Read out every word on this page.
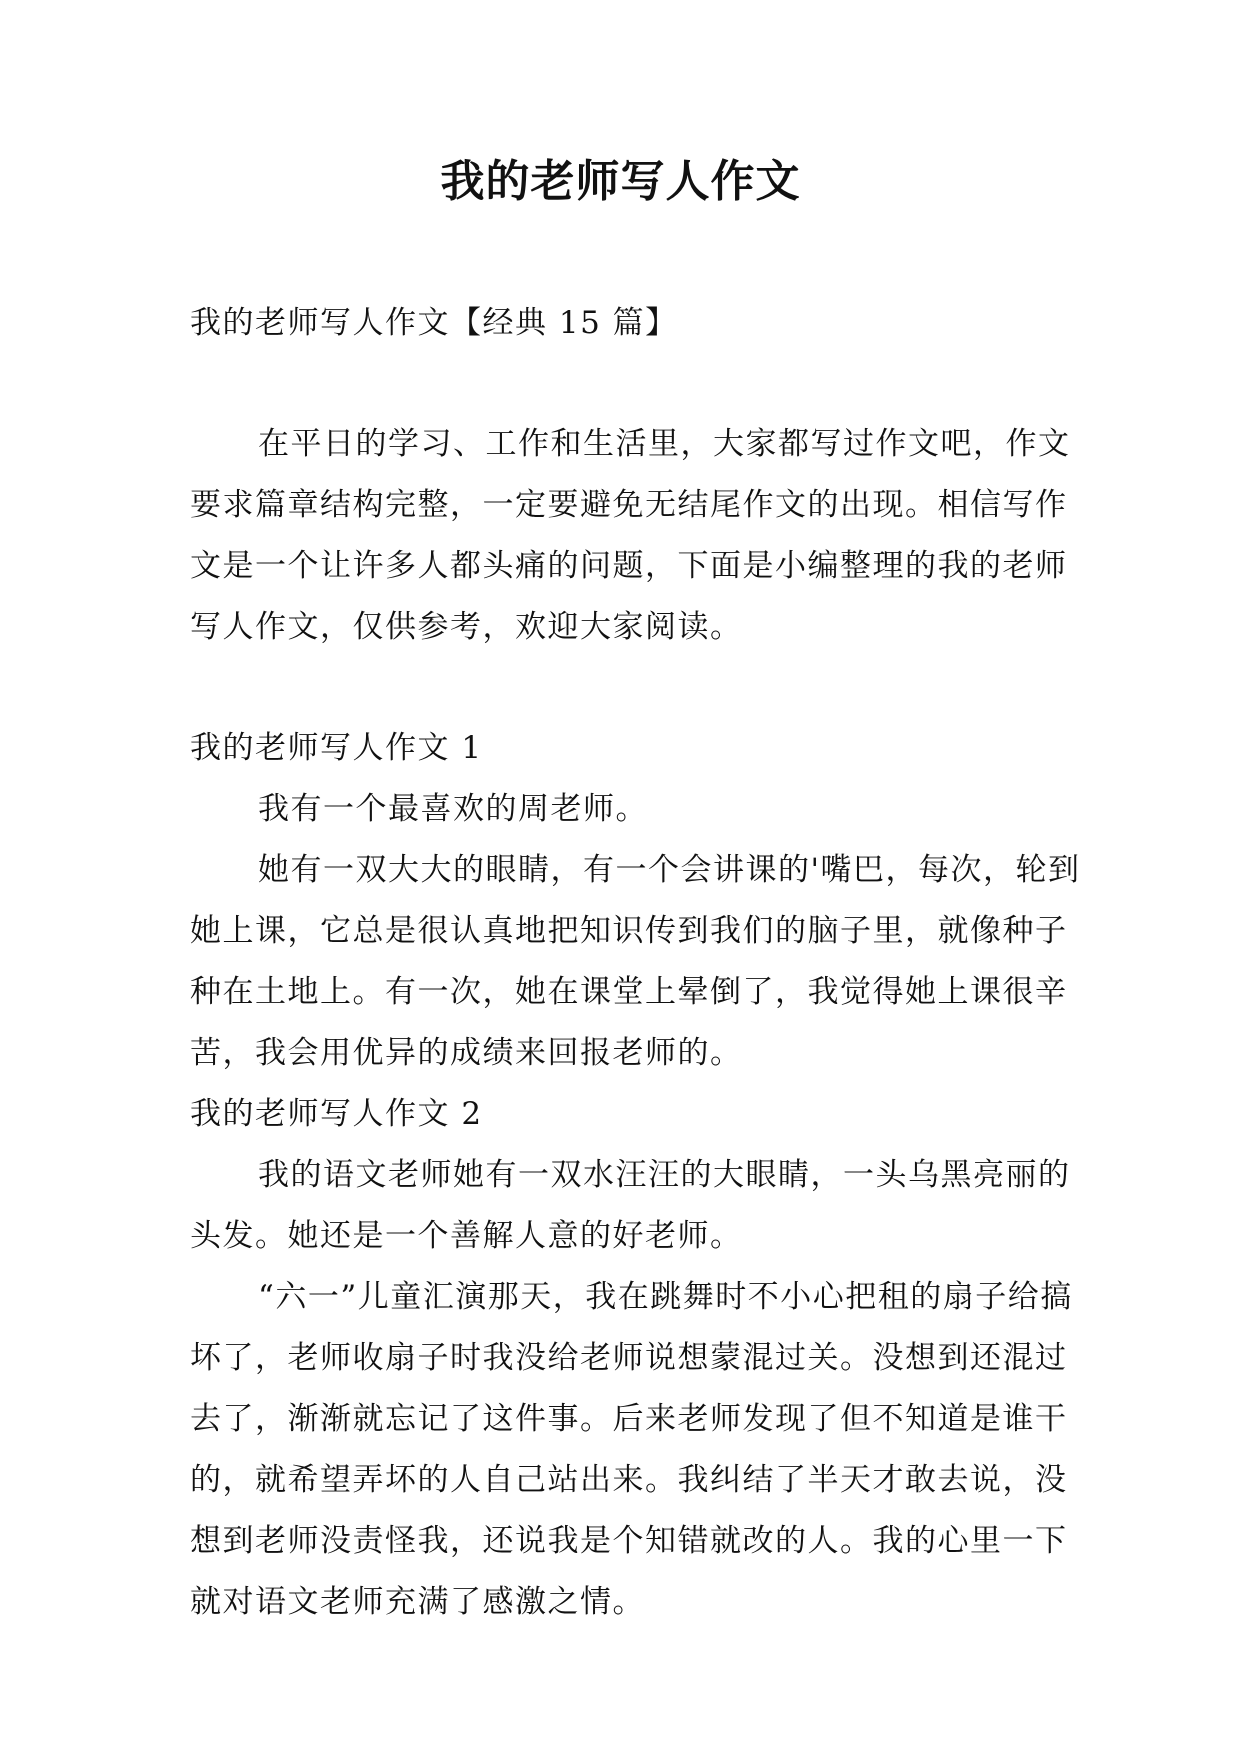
我的老师写人作文

我的老师写人作文【经典 15 篇】

在平日的学习、工作和生活里，大家都写过作文吧，作文要求篇章结构完整，一定要避免无结尾作文的出现。相信写作文是一个让许多人都头痛的问题，下面是小编整理的我的老师写人作文，仅供参考，欢迎大家阅读。

我的老师写人作文 1

我有一个最喜欢的周老师。

她有一双大大的眼睛，有一个会讲课的'嘴巴，每次，轮到她上课，它总是很认真地把知识传到我们的脑子里，就像种子种在土地上。有一次，她在课堂上晕倒了，我觉得她上课很辛苦，我会用优异的成绩来回报老师的。

我的老师写人作文 2

我的语文老师她有一双水汪汪的大眼睛，一头乌黑亮丽的头发。她还是一个善解人意的好老师。

“六一”儿童汇演那天，我在跳舞时不小心把租的扇子给搞坏了，老师收扇子时我没给老师说想蒙混过关。没想到还混过去了，渐渐就忘记了这件事。后来老师发现了但不知道是谁干的，就希望弄坏的人自己站出来。我纠结了半天才敢去说，没想到老师没责怪我，还说我是个知错就改的人。我的心里一下就对语文老师充满了感激之情。
